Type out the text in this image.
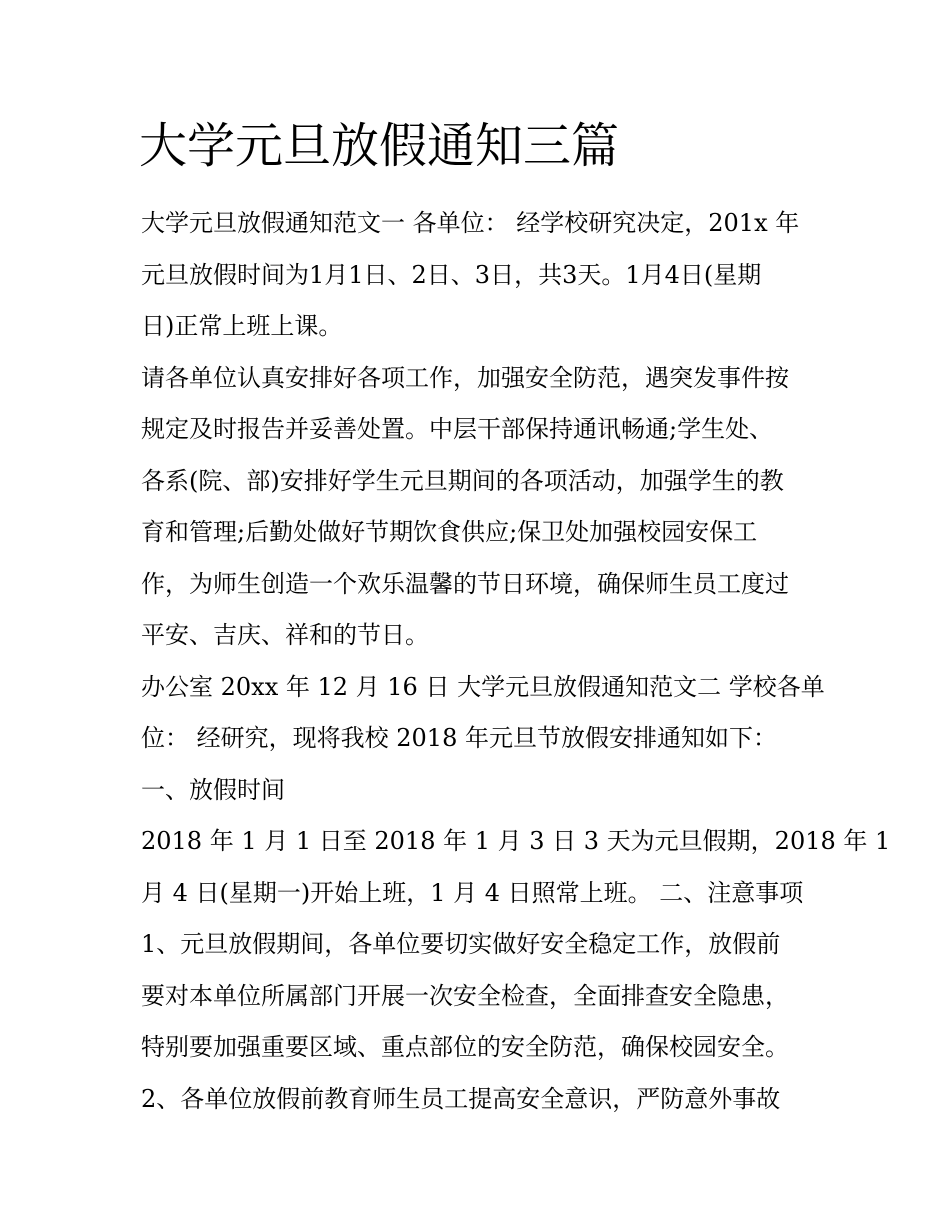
大学元旦放假通知三篇
大学元旦放假通知范文一 各单位： 经学校研究决定，201x 年
元旦放假时间为1月1日、2日、3日，共3天。1月4日(星期
日)正常上班上课。
请各单位认真安排好各项工作，加强安全防范，遇突发事件按
规定及时报告并妥善处置。中层干部保持通讯畅通;学生处、
各系(院、部)安排好学生元旦期间的各项活动，加强学生的教
育和管理;后勤处做好节期饮食供应;保卫处加强校园安保工
作，为师生创造一个欢乐温馨的节日环境，确保师生员工度过
平安、吉庆、祥和的节日。
办公室 20xx 年 12 月 16 日 大学元旦放假通知范文二 学校各单
位： 经研究，现将我校 2018 年元旦节放假安排通知如下：
一、放假时间
2018 年 1 月 1 日至 2018 年 1 月 3 日 3 天为元旦假期，2018 年 1
月 4 日(星期一)开始上班，1 月 4 日照常上班。 二、注意事项
1、元旦放假期间，各单位要切实做好安全稳定工作，放假前
要对本单位所属部门开展一次安全检查，全面排查安全隐患，
特别要加强重要区域、重点部位的安全防范，确保校园安全。
2、各单位放假前教育师生员工提高安全意识，严防意外事故
